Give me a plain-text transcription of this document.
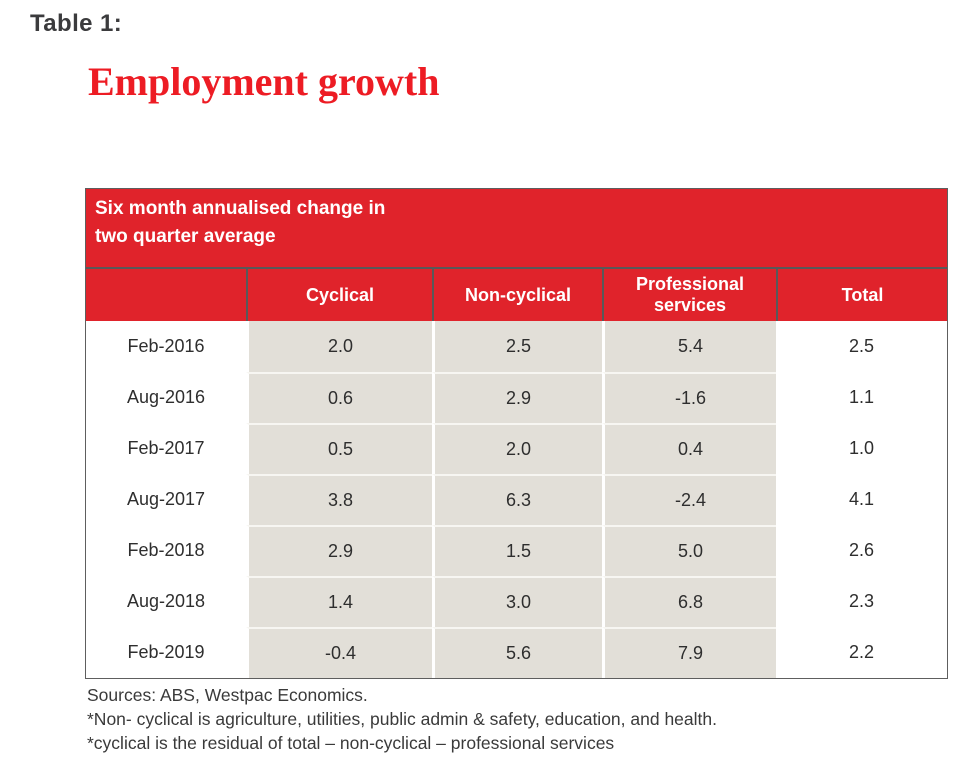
Table 1:
Employment growth
Six month annualised change in
two quarter average				

	Cyclical	Non-cyclical	Professional services	Total
Feb-2016	2.0	2.5	5.4	2.5
Aug-2016	0.6	2.9	-1.6	1.1
Feb-2017	0.5	2.0	0.4	1.0
Aug-2017	3.8	6.3	-2.4	4.1
Feb-2018	2.9	1.5	5.0	2.6
Aug-2018	1.4	3.0	6.8	2.3
Feb-2019	-0.4	5.6	7.9	2.2
Sources: ABS, Westpac Economics.
*Non- cyclical is agriculture, utilities, public admin & safety, education, and health.
*cyclical is the residual of total – non-cyclical – professional services
